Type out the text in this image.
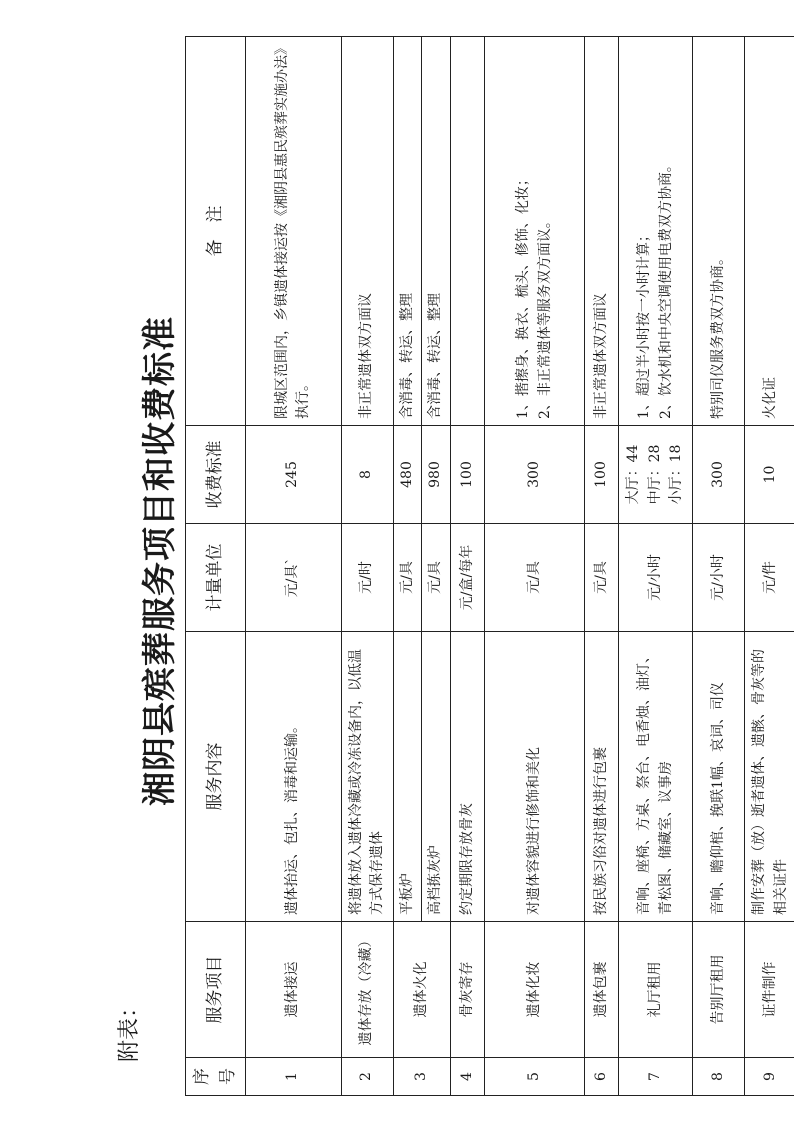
附表：
湘阴县殡葬服务项目和收费标准
序号	服务项目	服务内容	计量单位	收费标准	备　注
1	遗体接运	遗体抬运、包扎、消毒和运输。	元/具`	245	限城区范围内，乡镇遗体接运按《湘阴县惠民殡葬实施办法》执行。
2	遗体存放（冷藏）	将遗体放入遗体冷藏或冷冻设备内，以低温方式保存遗体	元/时	8	非正常遗体双方面议
3	遗体火化	平板炉	元/具	480	含消毒、转运、整理
		高档拣灰炉	元/具	980	含消毒、转运、整理
4	骨灰寄存	约定期限存放骨灰	元/盒/每年	100	
5	遗体化妆	对遗体容貌进行修饰和美化	元/具	300	1、揩擦身、换衣、梳头、修饰、化妆； 2、非正常遗体等服务双方面议。

6	遗体包裹	按民族习俗对遗体进行包裹	元/具	100	非正常遗体双方面议
7	礼厅租用	音响、座椅、方桌、祭台、电香烛、油灯、青松图、储藏室、议事房	元/小时	大厅：44 中厅：28 小厅：18	1、超过半小时按一小时计算； 2、饮水机和中央空调使用电费双方协商。

8	告别厅租用	音响、瞻仰棺、挽联1幅、哀词、司仪	元/小时	300	特别司仪服务费双方协商。
9	证件制作	制作安葬（放）逝者遗体、遗骸、骨灰等的相关证件	元/件	10	火化证
